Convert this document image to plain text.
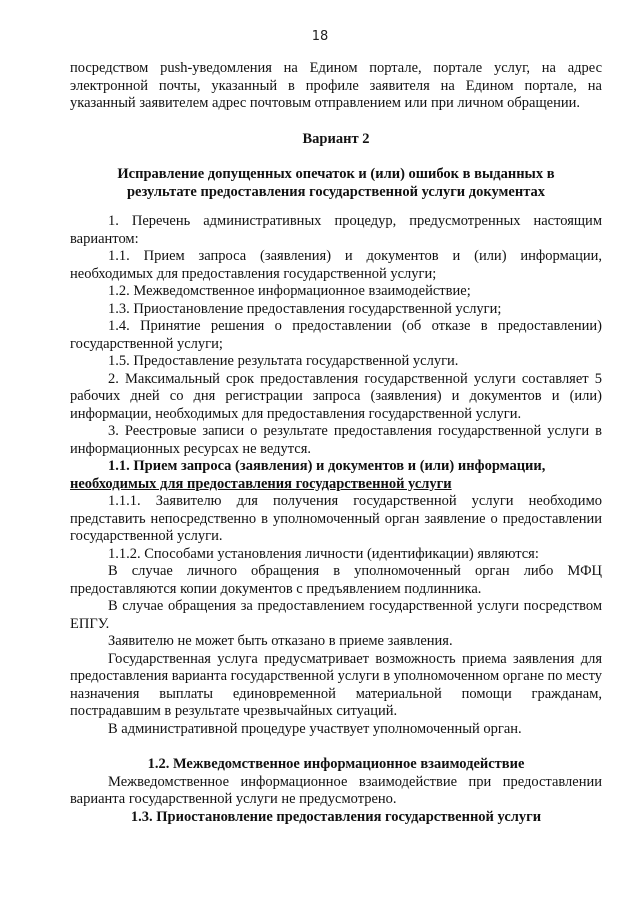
18

посредством push-уведомления на Едином портале, портале услуг, на адрес электронной почты, указанный в профиле заявителя на Едином портале, на указанный заявителем адрес почтовым отправлением или при личном обращении.

Вариант 2

Исправление допущенных опечаток и (или) ошибок в выданных в

результате предоставления государственной услуги документах

1. Перечень административных процедур, предусмотренных настоящим вариантом:

1.1. Прием запроса (заявления) и документов и (или) информации, необходимых для предоставления государственной услуги;

1.2. Межведомственное информационное взаимодействие;

1.3. Приостановление предоставления государственной услуги;

1.4. Принятие решения о предоставлении (об отказе в предоставлении) государственной услуги;

1.5. Предоставление результата государственной услуги.

2. Максимальный срок предоставления государственной услуги составляет 5 рабочих дней со дня регистрации запроса (заявления) и документов и (или) информации, необходимых для предоставления государственной услуги.

3. Реестровые записи о результате предоставления государственной услуги в информационных ресурсах не ведутся.

1.1. Прием запроса (заявления) и документов и (или) информации,

необходимых для предоставления государственной услуги

1.1.1. Заявителю для получения государственной услуги необходимо представить непосредственно в уполномоченный орган заявление о предоставлении государственной услуги.

1.1.2. Способами установления личности (идентификации) являются:

В случае личного обращения в уполномоченный орган либо МФЦ предоставляются копии документов с предъявлением подлинника.

В случае обращения за предоставлением государственной услуги посредством ЕПГУ.

Заявителю не может быть отказано в приеме заявления.

Государственная услуга предусматривает возможность приема заявления для предоставления варианта государственной услуги в уполномоченном органе по месту назначения выплаты единовременной материальной помощи гражданам, пострадавшим в результате чрезвычайных ситуаций.

В административной процедуре участвует уполномоченный орган.

1.2. Межведомственное информационное взаимодействие

Межведомственное информационное взаимодействие при предоставлении варианта государственной услуги не предусмотрено.

1.3. Приостановление предоставления государственной услуги
